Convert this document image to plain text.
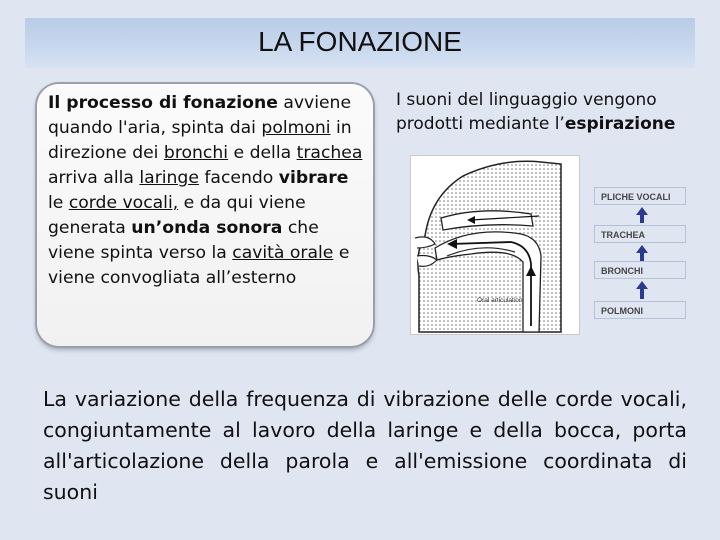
LA FONAZIONE
Il processo di fonazione avviene quando l'aria, spinta dai polmoni in direzione dei bronchi e della trachea arriva alla laringe facendo vibrare le corde vocali, e da qui viene generata un’onda sonora che viene spinta verso la cavità orale e viene convogliata all’esterno
I suoni del linguaggio vengono prodotti mediante l’espirazione
Oral articulation
PLICHE VOCALI
TRACHEA
BRONCHI
POLMONI
La variazione della frequenza di vibrazione delle corde vocali, congiuntamente al lavoro della laringe e della bocca, porta all'articolazione della parola e all'emissione coordinata di suoni
